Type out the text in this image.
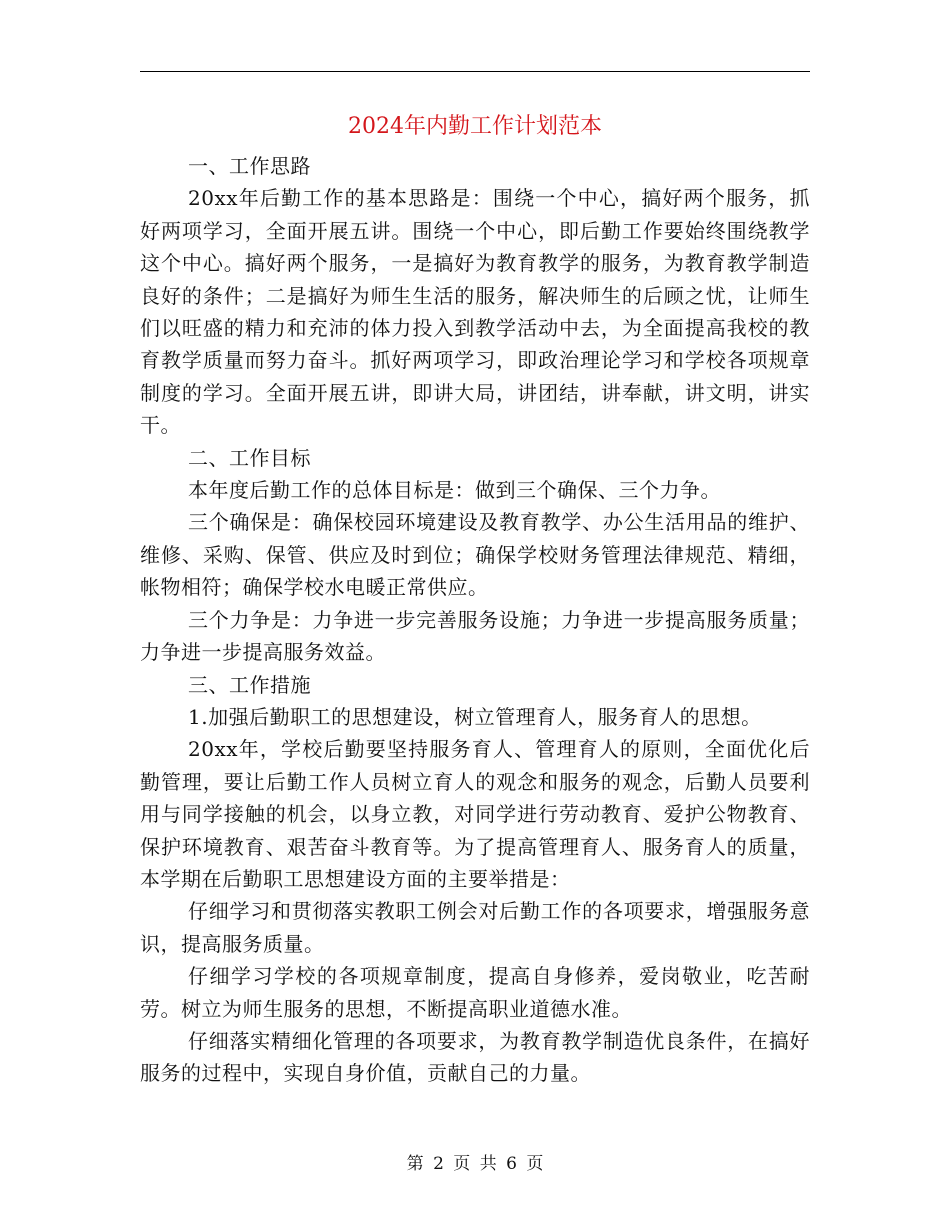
2024年内勤工作计划范本

一、工作思路

20xx年后勤工作的基本思路是：围绕一个中心，搞好两个服务，抓好两项学习，全面开展五讲。围绕一个中心，即后勤工作要始终围绕教学这个中心。搞好两个服务，一是搞好为教育教学的服务，为教育教学制造良好的条件；二是搞好为师生生活的服务，解决师生的后顾之忧，让师生们以旺盛的精力和充沛的体力投入到教学活动中去，为全面提高我校的教育教学质量而努力奋斗。抓好两项学习，即政治理论学习和学校各项规章制度的学习。全面开展五讲，即讲大局，讲团结，讲奉献，讲文明，讲实干。

二、工作目标

本年度后勤工作的总体目标是：做到三个确保、三个力争。

三个确保是：确保校园环境建设及教育教学、办公生活用品的维护、维修、采购、保管、供应及时到位；确保学校财务管理法律规范、精细，帐物相符；确保学校水电暖正常供应。

三个力争是：力争进一步完善服务设施；力争进一步提高服务质量；力争进一步提高服务效益。

三、工作措施

1.加强后勤职工的思想建设，树立管理育人，服务育人的思想。

20xx年，学校后勤要坚持服务育人、管理育人的原则，全面优化后勤管理，要让后勤工作人员树立育人的观念和服务的观念，后勤人员要利用与同学接触的机会，以身立教，对同学进行劳动教育、爱护公物教育、保护环境教育、艰苦奋斗教育等。为了提高管理育人、服务育人的质量，本学期在后勤职工思想建设方面的主要举措是：

仔细学习和贯彻落实教职工例会对后勤工作的各项要求，增强服务意识，提高服务质量。

仔细学习学校的各项规章制度，提高自身修养，爱岗敬业，吃苦耐劳。树立为师生服务的思想，不断提高职业道德水准。

仔细落实精细化管理的各项要求，为教育教学制造优良条件，在搞好服务的过程中，实现自身价值，贡献自己的力量。

第 2 页 共 6 页
